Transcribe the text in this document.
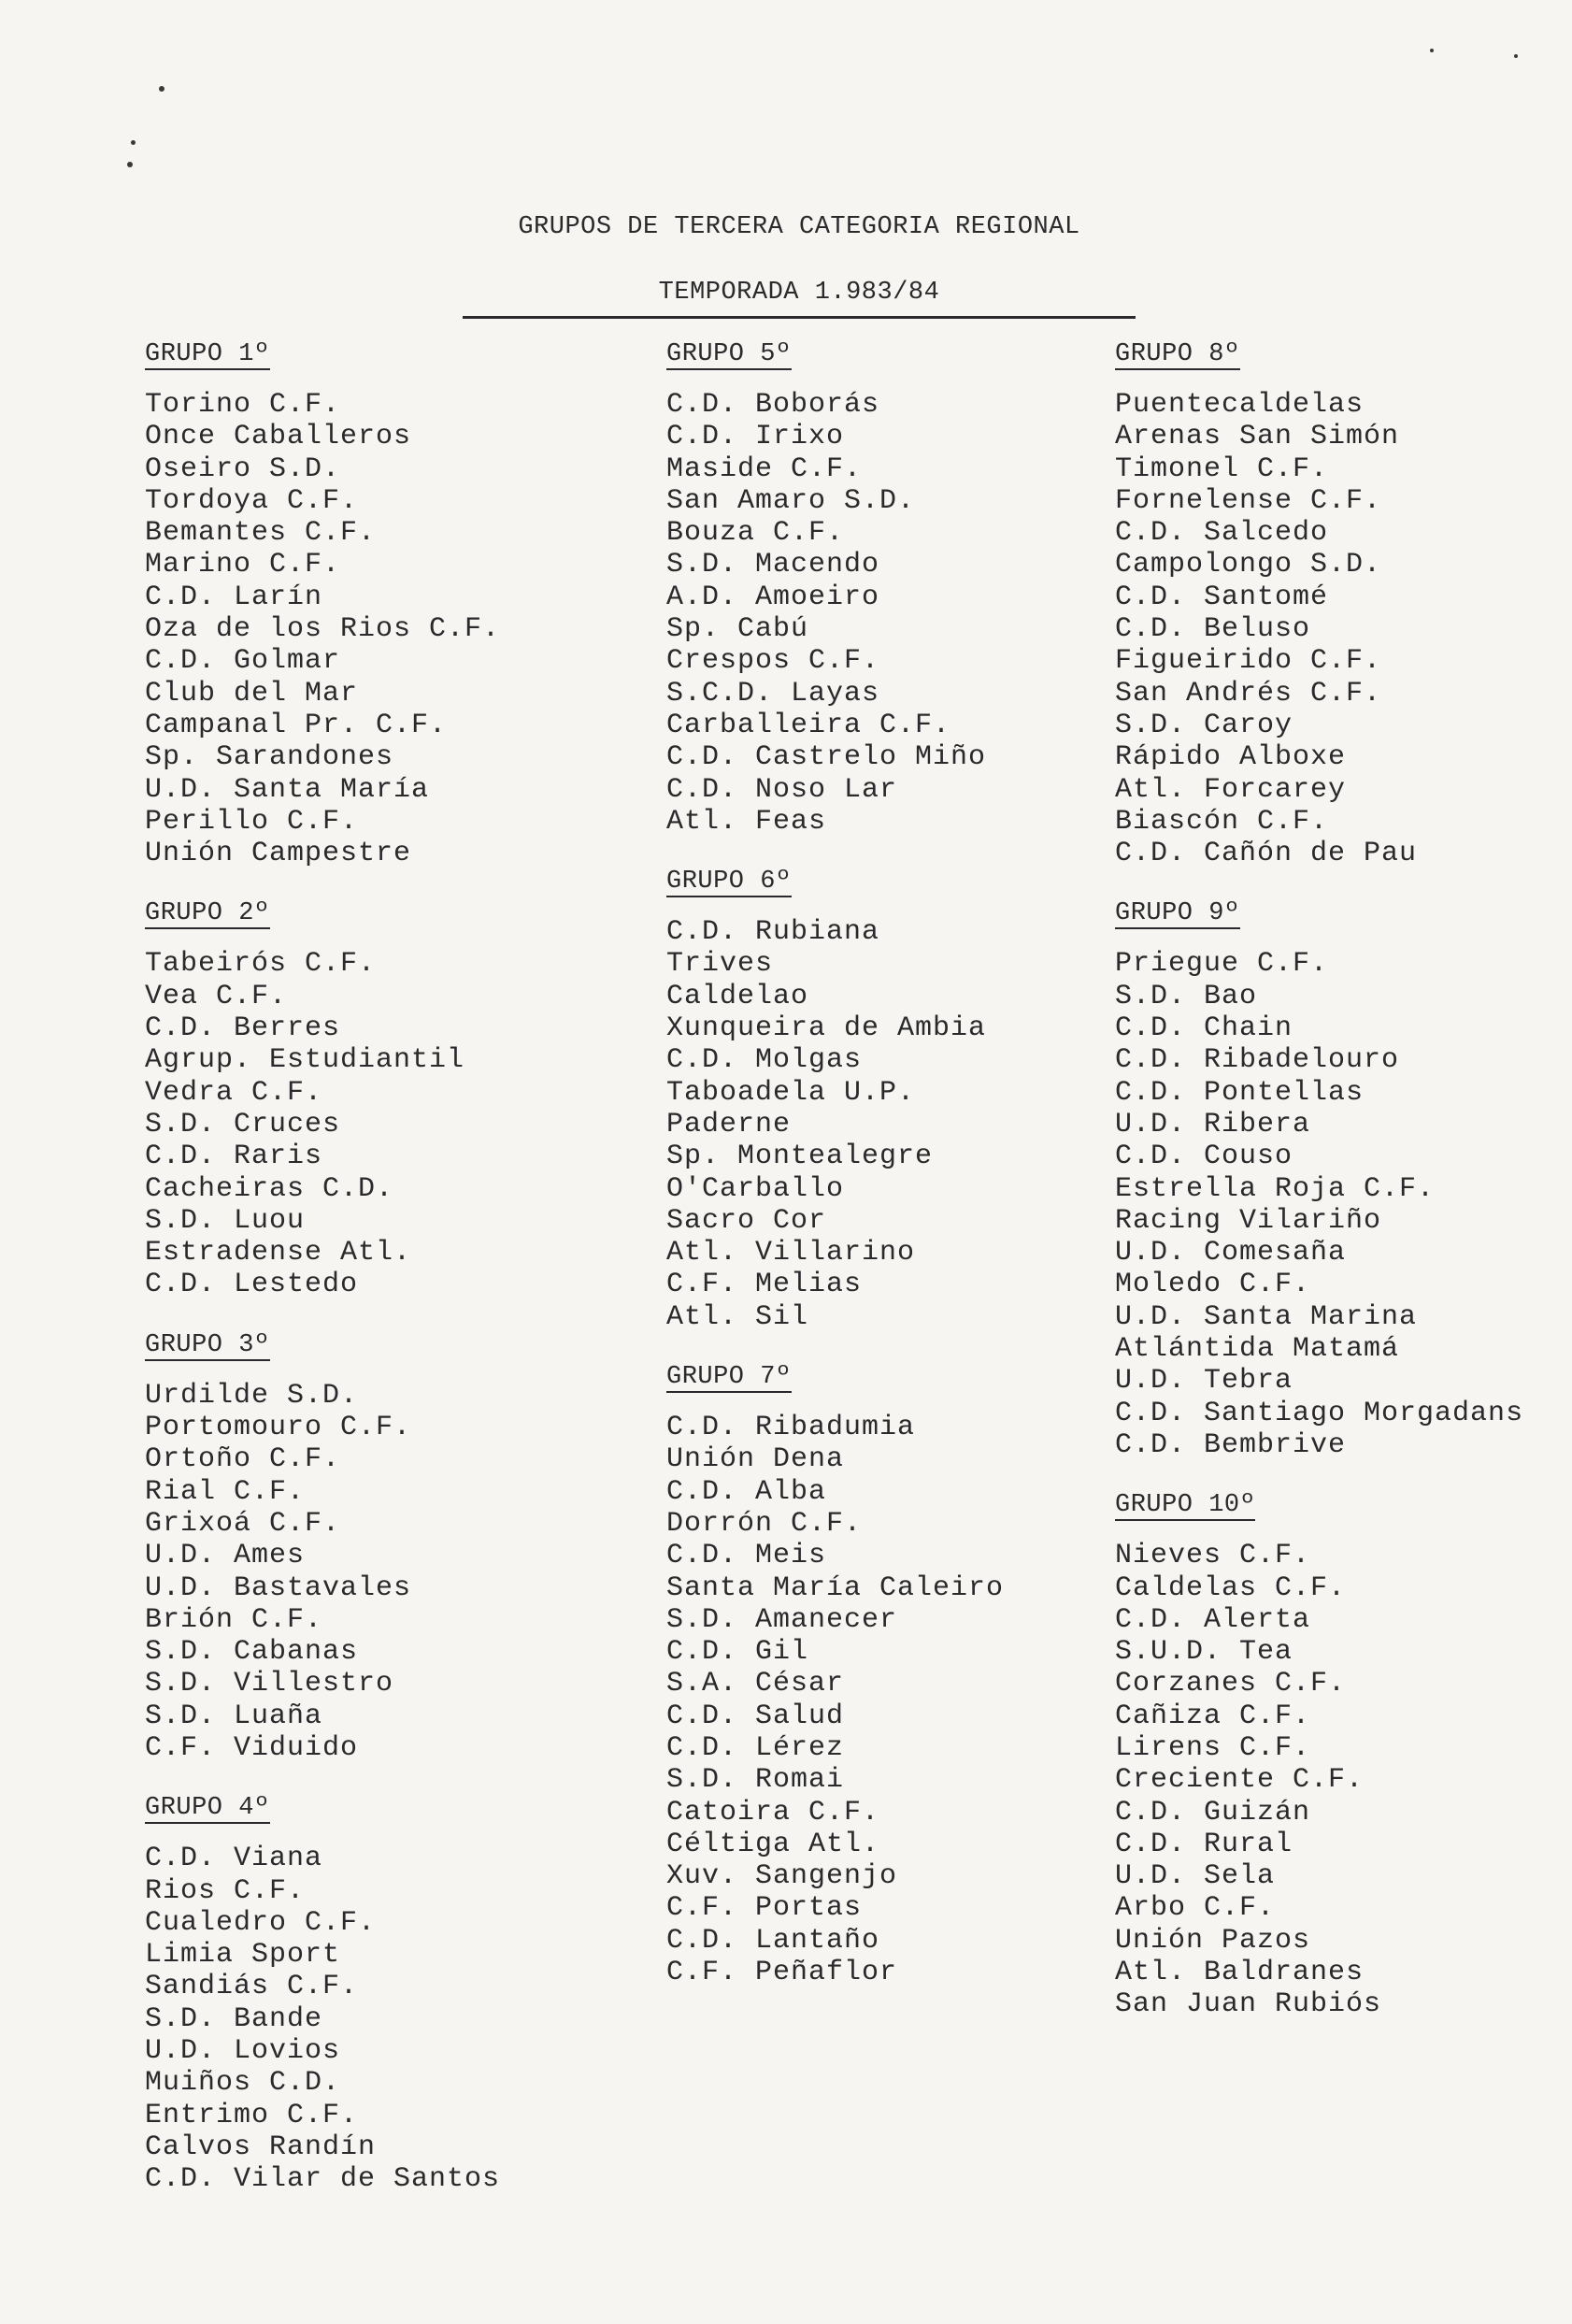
GRUPOS DE TERCERA CATEGORIA REGIONAL
TEMPORADA 1.983/84
GRUPO 1º
Torino C.F.
Once Caballeros
Oseiro S.D.
Tordoya C.F.
Bemantes C.F.
Marino C.F.
C.D. Larín
Oza de los Rios C.F.
C.D. Golmar
Club del Mar
Campanal Pr. C.F.
Sp. Sarandones
U.D. Santa María
Perillo C.F.
Unión Campestre
GRUPO 2º
Tabeirós C.F.
Vea C.F.
C.D. Berres
Agrup. Estudiantil
Vedra C.F.
S.D. Cruces
C.D. Raris
Cacheiras C.D.
S.D. Luou
Estradense Atl.
C.D. Lestedo
GRUPO 3º
Urdilde S.D.
Portomouro C.F.
Ortoño C.F.
Rial C.F.
Grixoá C.F.
U.D. Ames
U.D. Bastavales
Brión C.F.
S.D. Cabanas
S.D. Villestro
S.D. Luaña
C.F. Viduido
GRUPO 4º
C.D. Viana
Rios C.F.
Cualedro C.F.
Limia Sport
Sandiás C.F.
S.D. Bande
U.D. Lovios
Muiños C.D.
Entrimo C.F.
Calvos Randín
C.D. Vilar de Santos
GRUPO 5º
C.D. Boborás
C.D. Irixo
Maside C.F.
San Amaro S.D.
Bouza C.F.
S.D. Macendo
A.D. Amoeiro
Sp. Cabú
Crespos C.F.
S.C.D. Layas
Carballeira C.F.
C.D. Castrelo Miño
C.D. Noso Lar
Atl. Feas
GRUPO 6º
C.D. Rubiana
Trives
Caldelao
Xunqueira de Ambia
C.D. Molgas
Taboadela U.P.
Paderne
Sp. Montealegre
O'Carballo
Sacro Cor
Atl. Villarino
C.F. Melias
Atl. Sil
GRUPO 7º
C.D. Ribadumia
Unión Dena
C.D. Alba
Dorrón C.F.
C.D. Meis
Santa María Caleiro
S.D. Amanecer
C.D. Gil
S.A. César
C.D. Salud
C.D. Lérez
S.D. Romai
Catoira C.F.
Céltiga Atl.
Xuv. Sangenjo
C.F. Portas
C.D. Lantaño
C.F. Peñaflor
GRUPO 8º
Puentecaldelas
Arenas San Simón
Timonel C.F.
Fornelense C.F.
C.D. Salcedo
Campolongo S.D.
C.D. Santomé
C.D. Beluso
Figueirido C.F.
San Andrés C.F.
S.D. Caroy
Rápido Alboxe
Atl. Forcarey
Biascón C.F.
C.D. Cañón de Pau
GRUPO 9º
Priegue C.F.
S.D. Bao
C.D. Chain
C.D. Ribadelouro
C.D. Pontellas
U.D. Ribera
C.D. Couso
Estrella Roja C.F.
Racing Vilariño
U.D. Comesaña
Moledo C.F.
U.D. Santa Marina
Atlántida Matamá
U.D. Tebra
C.D. Santiago Morgadans
C.D. Bembrive
GRUPO 10º
Nieves C.F.
Caldelas C.F.
C.D. Alerta
S.U.D. Tea
Corzanes C.F.
Cañiza C.F.
Lirens C.F.
Creciente C.F.
C.D. Guizán
C.D. Rural
U.D. Sela
Arbo C.F.
Unión Pazos
Atl. Baldranes
San Juan Rubiós
